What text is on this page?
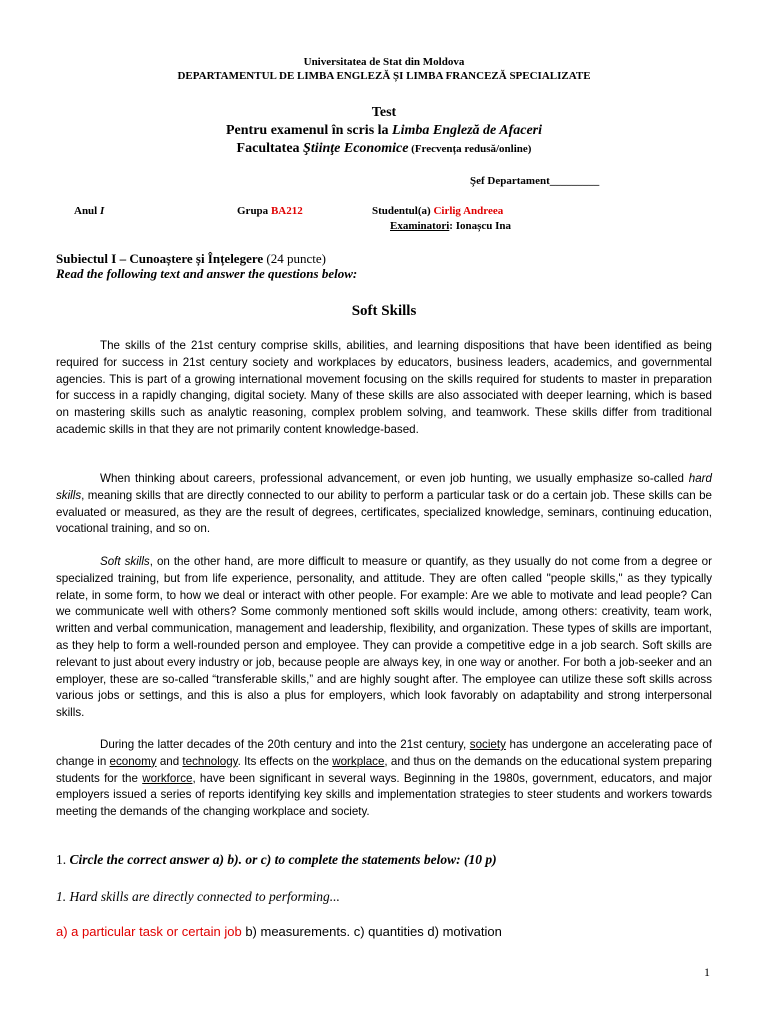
Universitatea de Stat din Moldova
DEPARTAMENTUL DE LIMBA ENGLEZĂ ȘI LIMBA FRANCEZĂ SPECIALIZATE
Test
Pentru examenul în scris la Limba Engleză de Afaceri
Facultatea Ştiinţe Economice (Frecvența redusă/online)
Şef Departament_________
Anul I	Grupa BA212	Studentul(a) Cirlig Andreea
Examinatori: Ionașcu Ina
Subiectul I – Cunoaștere și Înțelegere (24 puncte)
Read the following text and answer the questions below:
Soft Skills
The skills of the 21st century comprise skills, abilities, and learning dispositions that have been identified as being required for success in 21st century society and workplaces by educators, business leaders, academics, and governmental agencies. This is part of a growing international movement focusing on the skills required for students to master in preparation for success in a rapidly changing, digital society. Many of these skills are also associated with deeper learning, which is based on mastering skills such as analytic reasoning, complex problem solving, and teamwork. These skills differ from traditional academic skills in that they are not primarily content knowledge-based.
When thinking about careers, professional advancement, or even job hunting, we usually emphasize so-called hard skills, meaning skills that are directly connected to our ability to perform a particular task or do a certain job. These skills can be evaluated or measured, as they are the result of degrees, certificates, specialized knowledge, seminars, continuing education, vocational training, and so on.
Soft skills, on the other hand, are more difficult to measure or quantify, as they usually do not come from a degree or specialized training, but from life experience, personality, and attitude. They are often called "people skills," as they typically relate, in some form, to how we deal or interact with other people. For example: Are we able to motivate and lead people? Can we communicate well with others? Some commonly mentioned soft skills would include, among others: creativity, team work, written and verbal communication, management and leadership, flexibility, and organization. These types of skills are important, as they help to form a well-rounded person and employee. They can provide a competitive edge in a job search. Soft skills are relevant to just about every industry or job, because people are always key, in one way or another. For both a job-seeker and an employer, these are so-called “transferable skills,” and are highly sought after. The employee can utilize these soft skills across various jobs or settings, and this is also a plus for employers, which look favorably on adaptability and strong interpersonal skills.
During the latter decades of the 20th century and into the 21st century, society has undergone an accelerating pace of change in economy and technology. Its effects on the workplace, and thus on the demands on the educational system preparing students for the workforce, have been significant in several ways. Beginning in the 1980s, government, educators, and major employers issued a series of reports identifying key skills and implementation strategies to steer students and workers towards meeting the demands of the changing workplace and society.
1. Circle the correct answer a) b). or c) to complete the statements below: (10 p)
1. Hard skills are directly connected to performing...
a) a particular task or certain job b) measurements. c) quantities d) motivation
1
